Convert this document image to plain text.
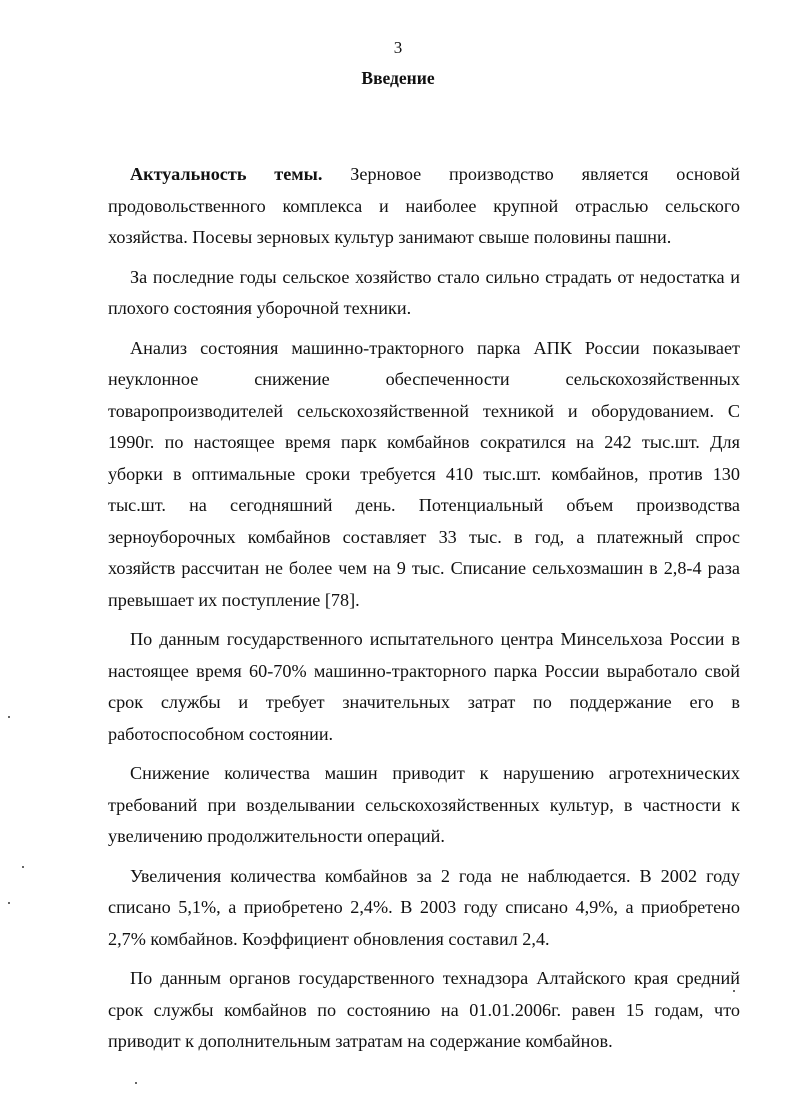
3
Введение

Актуальность темы. Зерновое производство является основой продовольственного комплекса и наиболее крупной отраслью сельского хозяйства. Посевы зерновых культур занимают свыше половины пашни.

За последние годы сельское хозяйство стало сильно страдать от недостатка и плохого состояния уборочной техники.

Анализ состояния машинно-тракторного парка АПК России показывает неуклонное снижение обеспеченности сельскохозяйственных товаропроизводителей сельскохозяйственной техникой и оборудованием. С 1990г. по настоящее время парк комбайнов сократился на 242 тыс.шт. Для уборки в оптимальные сроки требуется 410 тыс.шт. комбайнов, против 130 тыс.шт. на сегодняшний день. Потенциальный объем производства зерноуборочных комбайнов составляет 33 тыс. в год, а платежный спрос хозяйств рассчитан не более чем на 9 тыс. Списание сельхозмашин в 2,8-4 раза превышает их поступление [78].

По данным государственного испытательного центра Минсельхоза России в настоящее время 60-70% машинно-тракторного парка России выработало свой срок службы и требует значительных затрат по поддержание его в работоспособном состоянии.

Снижение количества машин приводит к нарушению агротехнических требований при возделывании сельскохозяйственных культур, в частности к увеличению продолжительности операций.

Увеличения количества комбайнов за 2 года не наблюдается. В 2002 году списано 5,1%, а приобретено 2,4%. В 2003 году списано 4,9%, а приобретено 2,7% комбайнов. Коэффициент обновления составил 2,4.

По данным органов государственного технадзора Алтайского края средний срок службы комбайнов по состоянию на 01.01.2006г. равен 15 годам, что приводит к дополнительным затратам на содержание комбайнов.
